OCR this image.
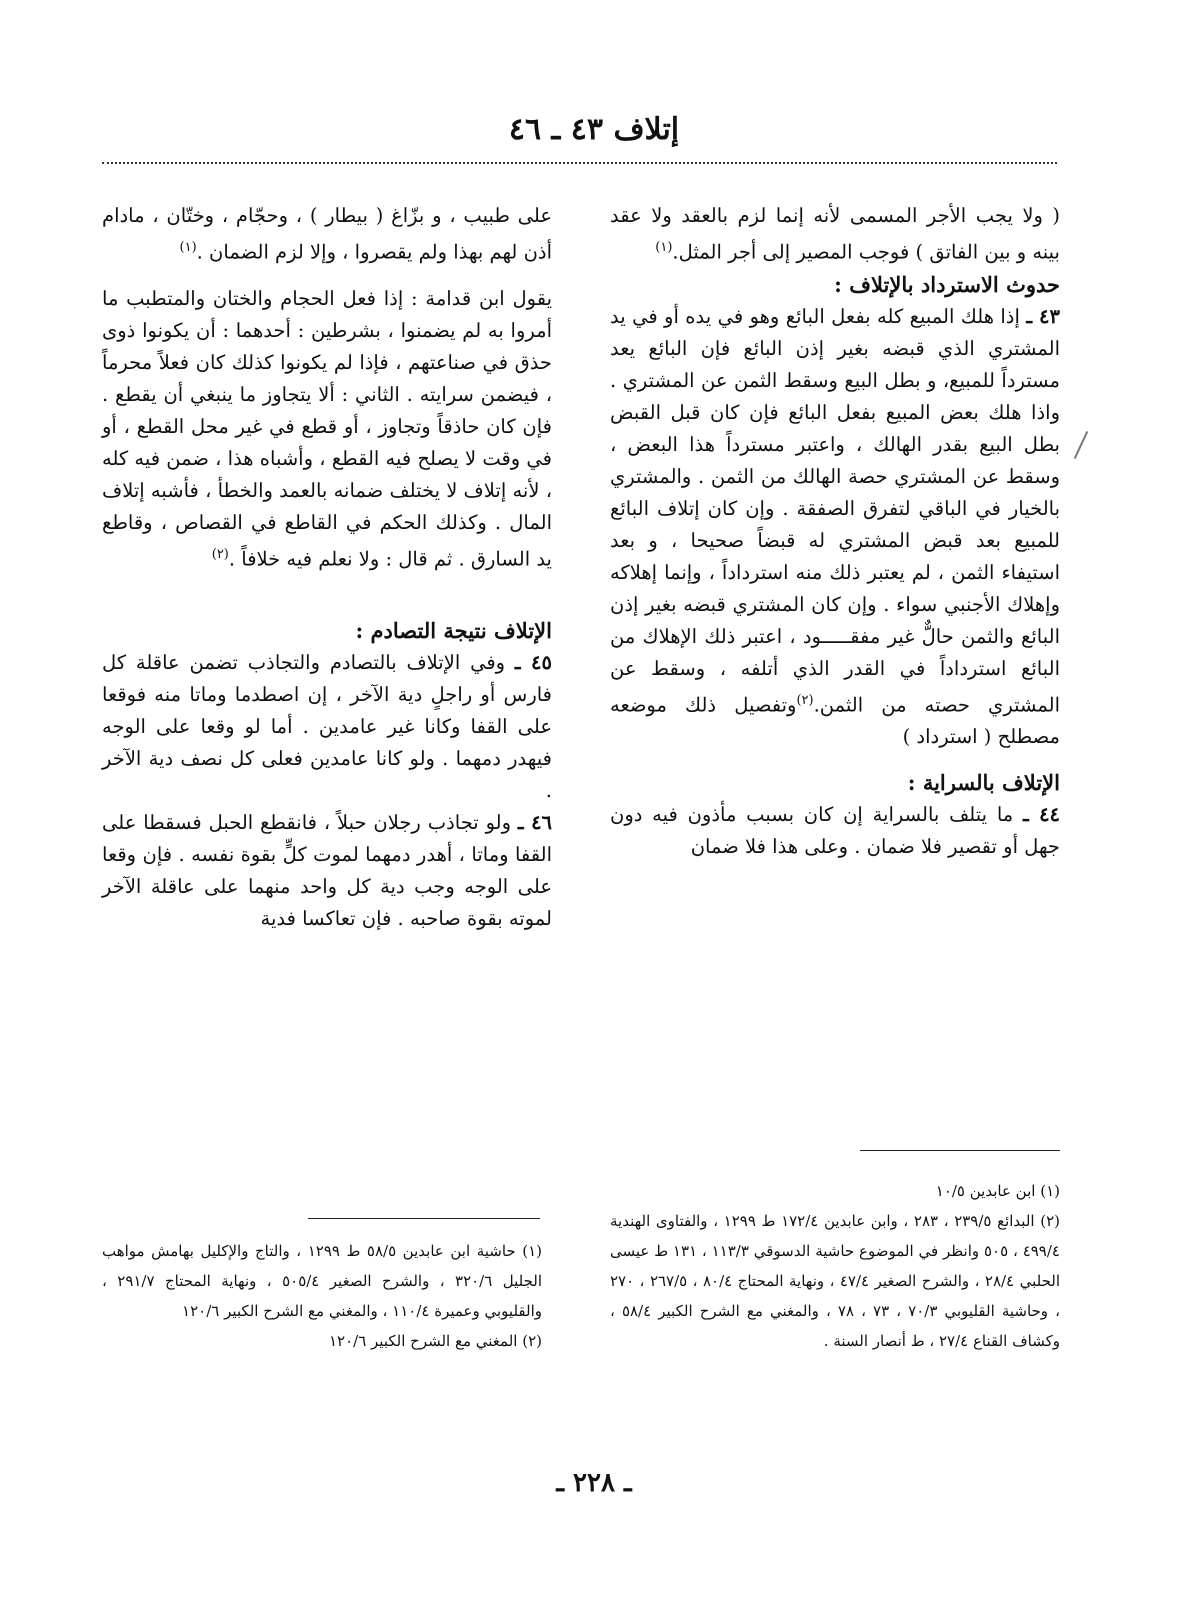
إتلاف ٤٣ ـ ٤٦

( ولا يجب الأجر المسمى لأنه إنما لزم بالعقد ولا عقد بينه و بين الفاتق ) فوجب المصير إلى أجر المثل.$^{(١)}$

حدوث الاسترداد بالإتلاف :

٤٣ ـ إذا هلك المبيع كله بفعل البائع وهو في يده أو في يد المشتري الذي قبضه بغير إذن البائع فإن البائع يعد مسترداً للمبيع، و بطل البيع وسقط الثمن عن المشتري . واذا هلك بعض المبيع بفعل البائع فإن كان قبل القبض بطل البيع بقدر الهالك ، واعتبر مسترداً هذا البعض ، وسقط عن المشتري حصة الهالك من الثمن . والمشتري بالخيار في الباقي لتفرق الصفقة . وإن كان إتلاف البائع للمبيع بعد قبض المشتري له قبضاً صحيحا ، و بعد استيفاء الثمن ، لم يعتبر ذلك منه استرداداً ، وإنما إهلاكه وإهلاك الأجنبي سواء . وإن كان المشتري قبضه بغير إذن البائع والثمن حالٌّ غير مفقـــــود ، اعتبر ذلك الإهلاك من البائع استرداداً في القدر الذي أتلفه ، وسقط عن المشتري حصته من الثمن.$^{(٢)}$وتفصيل ذلك موضعه مصطلح ( استرداد )

الإتلاف بالسراية :

٤٤ ـ ما يتلف بالسراية إن كان بسبب مأذون فيه دون جهل أو تقصير فلا ضمان . وعلى هذا فلا ضمان

على طبيب ، و بزّاغ ( بيطار ) ، وحجّام ، وختّان ، مادام أذن لهم بهذا ولم يقصروا ، وإلا لزم الضمان .$^{(١)}$

يقول ابن قدامة : إذا فعل الحجام والختان والمتطبب ما أمروا به لم يضمنوا ، بشرطين : أحدهما : أن يكونوا ذوى حذق في صناعتهم ، فإذا لم يكونوا كذلك كان فعلاً محرماً ، فيضمن سرايته . الثاني : ألا يتجاوز ما ينبغي أن يقطع . فإن كان حاذقاً وتجاوز ، أو قطع في غير محل القطع ، أو في وقت لا يصلح فيه القطع ، وأشباه هذا ، ضمن فيه كله ، لأنه إتلاف لا يختلف ضمانه بالعمد والخطأ ، فأشبه إتلاف المال . وكذلك الحكم في القاطع في القصاص ، وقاطع يد السارق . ثم قال : ولا نعلم فيه خلافاً .$^{(٢)}$

الإتلاف نتيجة التصادم :

٤٥ ـ وفي الإتلاف بالتصادم والتجاذب تضمن عاقلة كل فارس أو راجلٍ دية الآخر ، إن اصطدما وماتا منه فوقعا على القفا وكانا غير عامدين . أما لو وقعا على الوجه فيهدر دمهما . ولو كانا عامدين فعلى كل نصف دية الآخر .

٤٦ ـ ولو تجاذب رجلان حبلاً ، فانقطع الحبل فسقطا على القفا وماتا ، أهدر دمهما لموت كلٍّ بقوة نفسه . فإن وقعا على الوجه وجب دية كل واحد منهما على عاقلة الآخر لموته بقوة صاحبه . فإن تعاكسا فدية

(١) ابن عابدين ١٠/٥

(٢) البدائع ٢٣٩/٥ ، ٢٨٣ ، وابن عابدين ١٧٢/٤ ط ١٢٩٩ ، والفتاوى الهندية ٤٩٩/٤ ، ٥٠٥ وانظر في الموضوع حاشية الدسوقي ١١٣/٣ ، ١٣١ ط عيسى الحلبي ٢٨/٤ ، والشرح الصغير ٤٧/٤ ، ونهاية المحتاج ٨٠/٤ ، ٢٦٧/٥ ، ٢٧٠ ، وحاشية القليوبي ٧٠/٣ ، ٧٣ ، ٧٨ ، والمغني مع الشرح الكبير ٥٨/٤ ، وكشاف القناع ٢٧/٤ ، ط أنصار السنة .

(١) حاشية ابن عابدين ٥٨/٥ ط ١٢٩٩ ، والتاج والإكليل بهامش مواهب الجليل ٣٢٠/٦ ، والشرح الصغير ٥٠٥/٤ ، ونهاية المحتاج ٢٩١/٧ ، والقليوبي وعميرة ١١٠/٤ ، والمغني مع الشرح الكبير ١٢٠/٦

(٢) المغني مع الشرح الكبير ١٢٠/٦

ـ ٢٢٨ ـ
